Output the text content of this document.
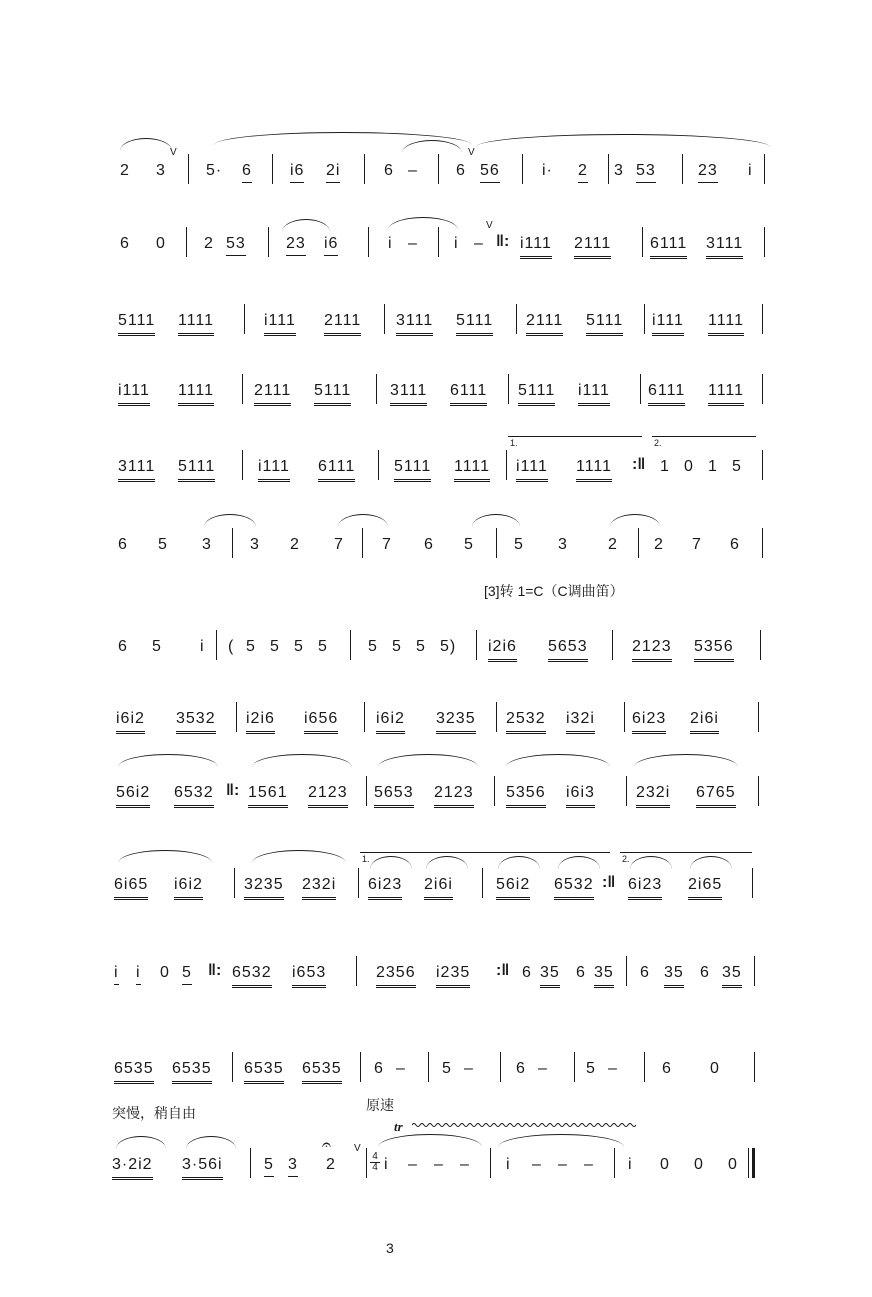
2 3
V
5· 6 i6 2i	6 – 6
V
56	i· 2 3 53	23 i
6 0 2 53	23 i6	i – i –
V
‖: i111 2111 6111 3111
5111 1111	i111 2111 3111 5111 2111 5111 i111 1111
i111 1111 2111 5111 3111 6111 5111 i111 6111 1111
3111 5111	i111 6111 5111 1111
1.
i111 1111 :‖
2.
1 0 1 5
6 5 3 3 2 7 7 6 5	5 3	2 2 7 6
[3]转 1=C（C调曲笛）
6 5 i ( 5 5 5 5	5 5 5 5) i2i6 5653	2123 5356
i6i2 3532 i2i6 i656 i6i2 3235 2532 i32i 6i23 2i6i
56i2 6532 ‖: 1561 2123 5653 2123 5356 i6i3	232i 6765
6i65 i6i2	3235 232i
1.
6i23 2i6i	56i2 6532 :‖
2.
6i23 2i65
i i 0 5 ‖: 6532 i653	2356 i235 :‖ 6 35 6 35 6 35 6 35
6535 6535 6535 6535 6 – 5 –	6 – 5 –	6 0
突慢，稍自由	原速
tr
3·2i2 3·56i	5 3
𝄐
2
V
4
4 i – – – i – – – i 0 0 0
3
